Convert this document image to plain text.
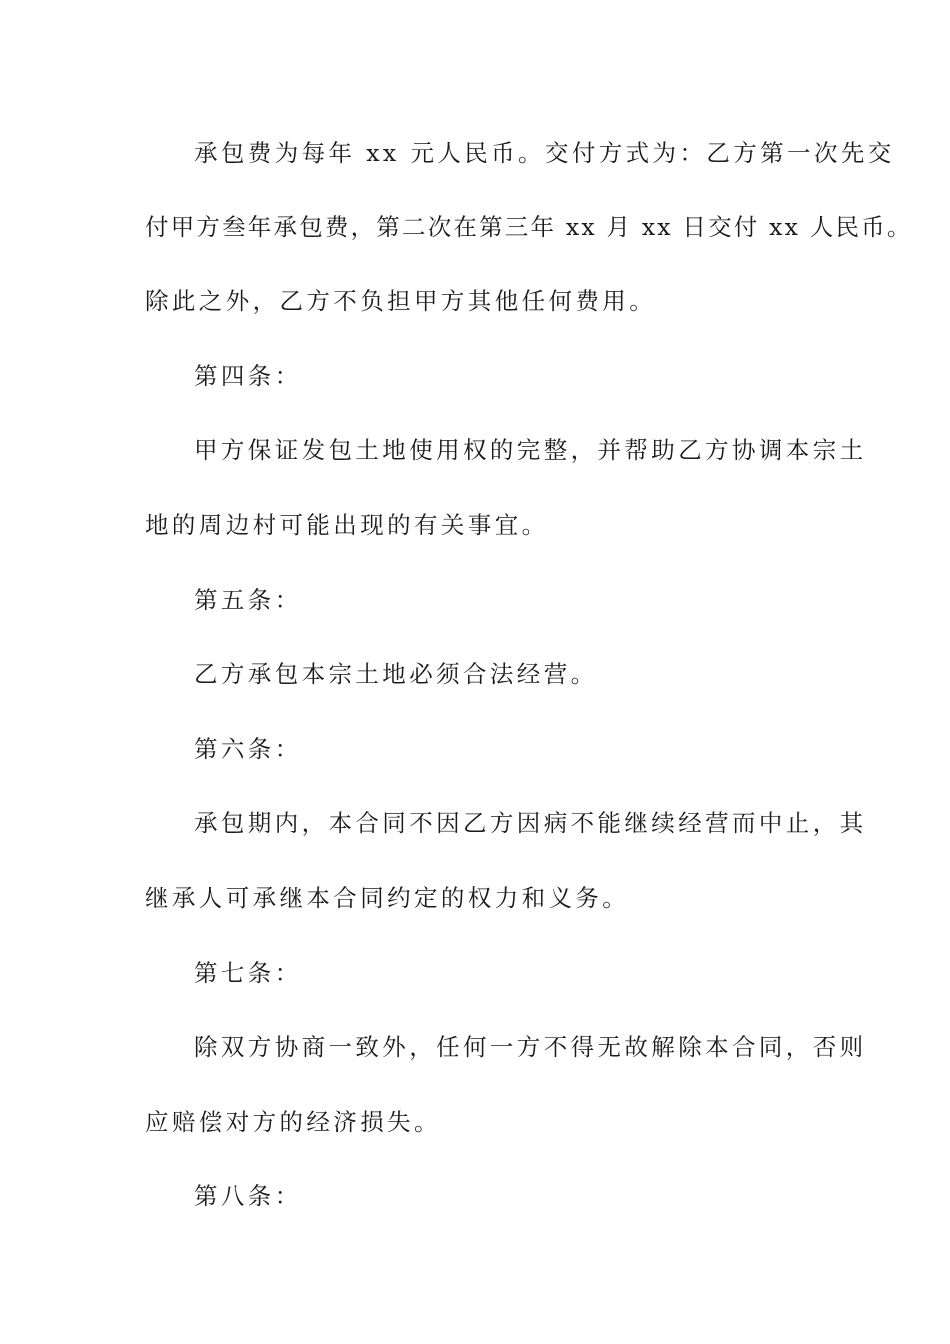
承包费为每年 xx 元人民币。交付方式为：乙方第一次先交
付甲方叁年承包费，第二次在第三年 xx 月 xx 日交付 xx 人民币。
除此之外，乙方不负担甲方其他任何费用。
第四条：
甲方保证发包土地使用权的完整，并帮助乙方协调本宗土
地的周边村可能出现的有关事宜。
第五条：
乙方承包本宗土地必须合法经营。
第六条：
承包期内，本合同不因乙方因病不能继续经营而中止，其
继承人可承继本合同约定的权力和义务。
第七条：
除双方协商一致外，任何一方不得无故解除本合同，否则
应赔偿对方的经济损失。
第八条：
